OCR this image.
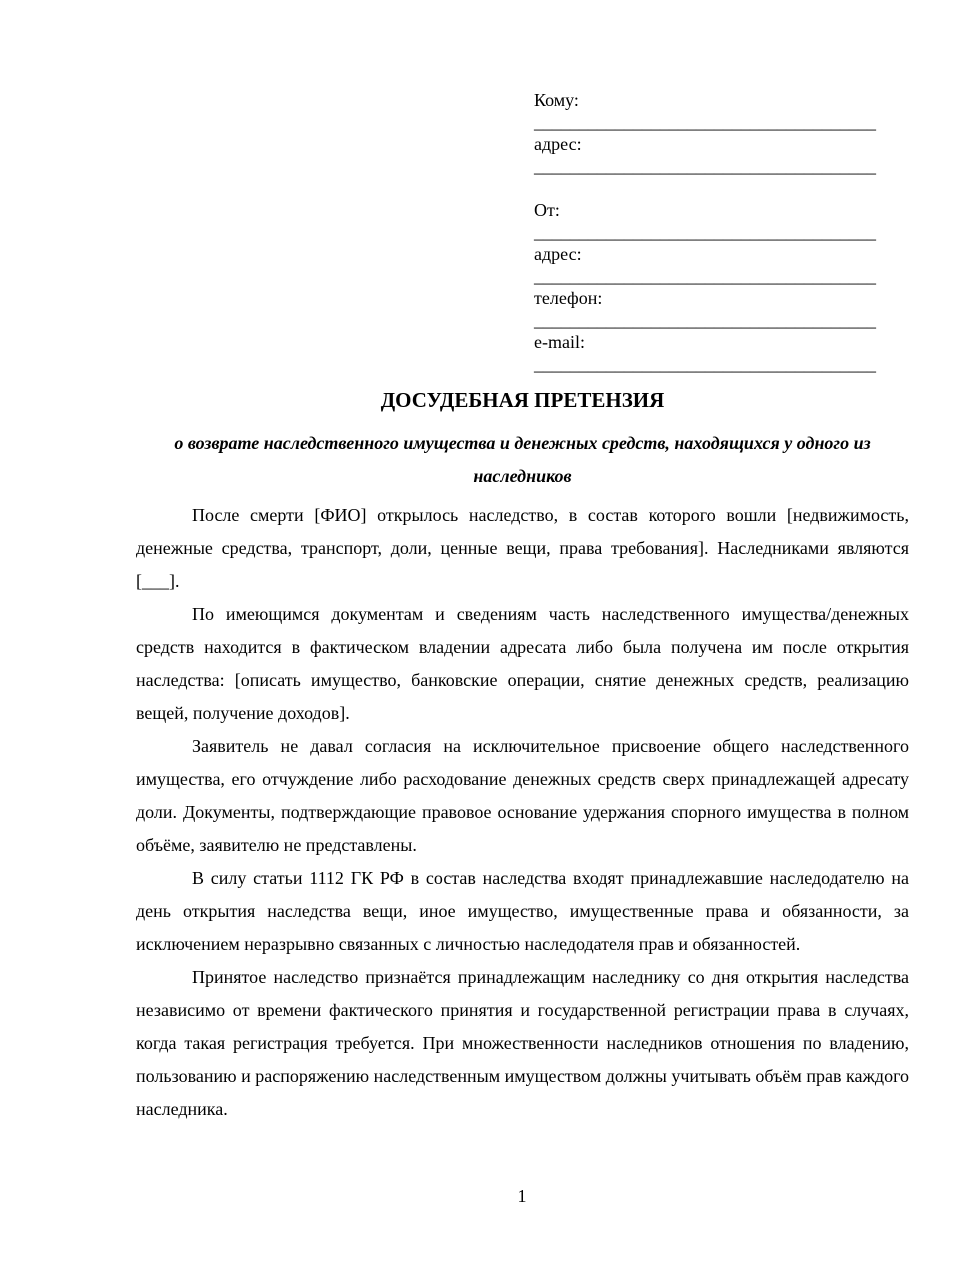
Кому:

______________________________________

адрес:

______________________________________

От:

______________________________________

адрес:

______________________________________

телефон:

______________________________________

e-mail:

______________________________________

ДОСУДЕБНАЯ ПРЕТЕНЗИЯ

о возврате наследственного имущества и денежных средств, находящихся у одного из наследников

После смерти [ФИО] открылось наследство, в состав которого вошли [недвижимость, денежные средства, транспорт, доли, ценные вещи, права требования]. Наследниками являются [___].

По имеющимся документам и сведениям часть наследственного имущества/денежных средств находится в фактическом владении адресата либо была получена им после открытия наследства: [описать имущество, банковские операции, снятие денежных средств, реализацию вещей, получение доходов].

Заявитель не давал согласия на исключительное присвоение общего наследственного имущества, его отчуждение либо расходование денежных средств сверх принадлежащей адресату доли. Документы, подтверждающие правовое основание удержания спорного имущества в полном объёме, заявителю не представлены.

В силу статьи 1112 ГК РФ в состав наследства входят принадлежавшие наследодателю на день открытия наследства вещи, иное имущество, имущественные права и обязанности, за исключением неразрывно связанных с личностью наследодателя прав и обязанностей.

Принятое наследство признаётся принадлежащим наследнику со дня открытия наследства независимо от времени фактического принятия и государственной регистрации права в случаях, когда такая регистрация требуется. При множественности наследников отношения по владению, пользованию и распоряжению наследственным имуществом должны учитывать объём прав каждого наследника.

1
